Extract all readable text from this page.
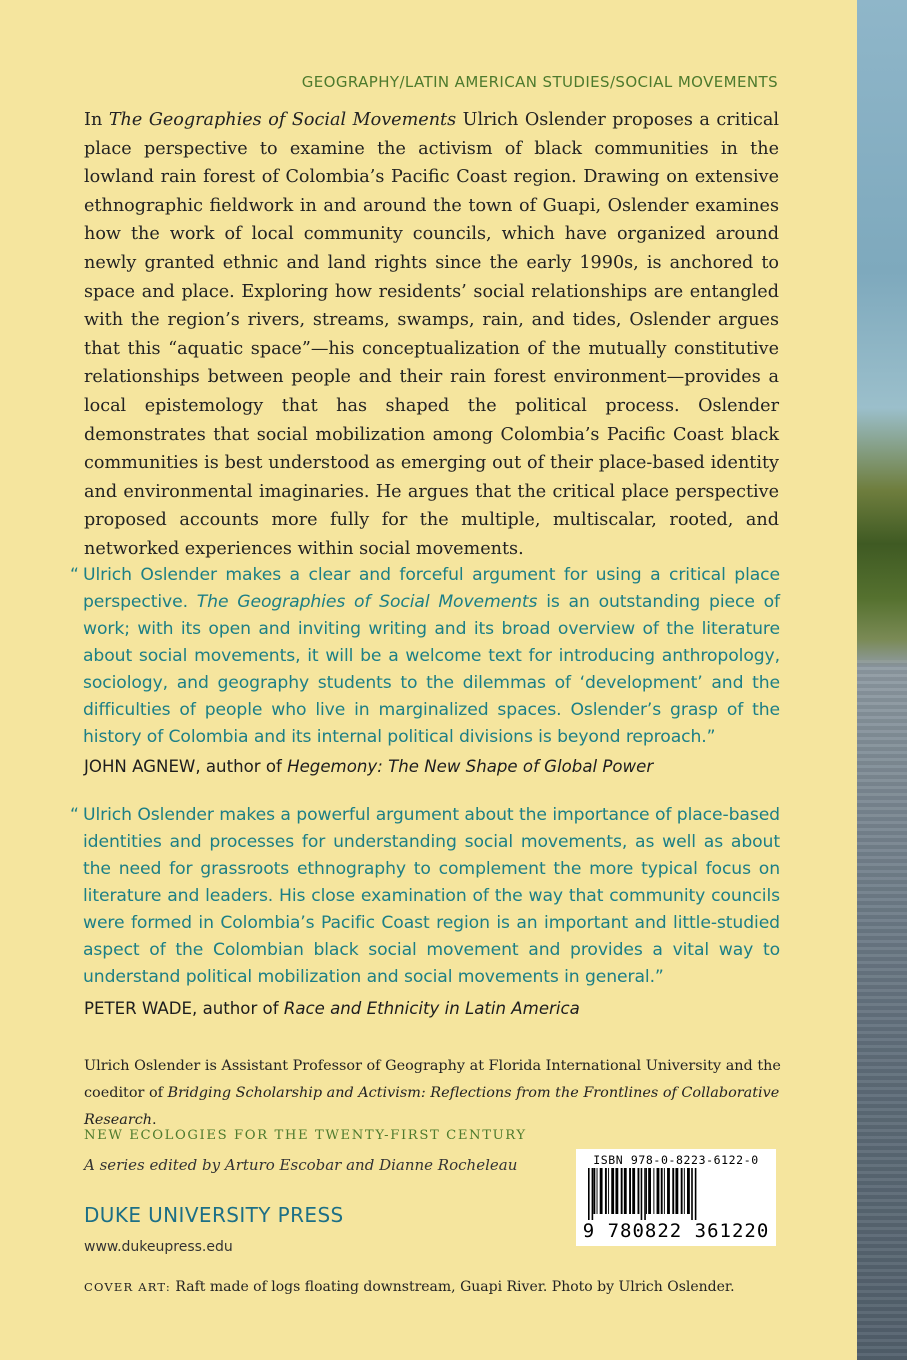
GEOGRAPHY/LATIN AMERICAN STUDIES/SOCIAL MOVEMENTS
In The Geographies of Social Movements Ulrich Oslender proposes a critical place perspective to examine the activism of black communities in the lowland rain forest of Colombia’s Pacific Coast region. Drawing on extensive ethnographic fieldwork in and around the town of Guapi, Oslender examines how the work of local community councils, which have organized around newly granted ethnic and land rights since the early 1990s, is anchored to space and place. Exploring how residents’ social relationships are entangled with the region’s rivers, streams, swamps, rain, and tides, Oslender argues that this “aquatic space”—his conceptualization of the mutually constitutive relationships between people and their rain forest environment—provides a local epistemology that has shaped the political process. Oslender demonstrates that social mobilization among Colombia’s Pacific Coast black communities is best understood as emerging out of their place-based identity and environmental imaginaries. He argues that the critical place perspective proposed accounts more fully for the multiple, multiscalar, rooted, and networked experiences within social movements.
“ Ulrich Oslender makes a clear and forceful argument for using a critical place perspective. The Geographies of Social Movements is an outstanding piece of work; with its open and inviting writing and its broad overview of the literature about social movements, it will be a welcome text for introducing anthropology, sociology, and geography students to the dilemmas of ‘development’ and the difficulties of people who live in marginalized spaces. Oslender’s grasp of the history of Colombia and its internal political divisions is beyond reproach.”
JOHN AGNEW, author of Hegemony: The New Shape of Global Power
“ Ulrich Oslender makes a powerful argument about the importance of place-based identities and processes for understanding social movements, as well as about the need for grassroots ethnography to complement the more typical focus on literature and leaders. His close examination of the way that community councils were formed in Colombia’s Pacific Coast region is an important and little-studied aspect of the Colombian black social movement and provides a vital way to understand political mobilization and social movements in general.”
PETER WADE, author of Race and Ethnicity in Latin America
Ulrich Oslender is Assistant Professor of Geography at Florida International University and the coeditor of Bridging Scholarship and Activism: Reflections from the Frontlines of Collaborative Research.
NEW ECOLOGIES FOR THE TWENTY-FIRST CENTURY
A series edited by Arturo Escobar and Dianne Rocheleau
DUKE UNIVERSITY PRESS
www.dukeupress.edu
ISBN 978-0-8223-6122-0
9 780822 361220
COVER ART: Raft made of logs floating downstream, Guapi River. Photo by Ulrich Oslender.
